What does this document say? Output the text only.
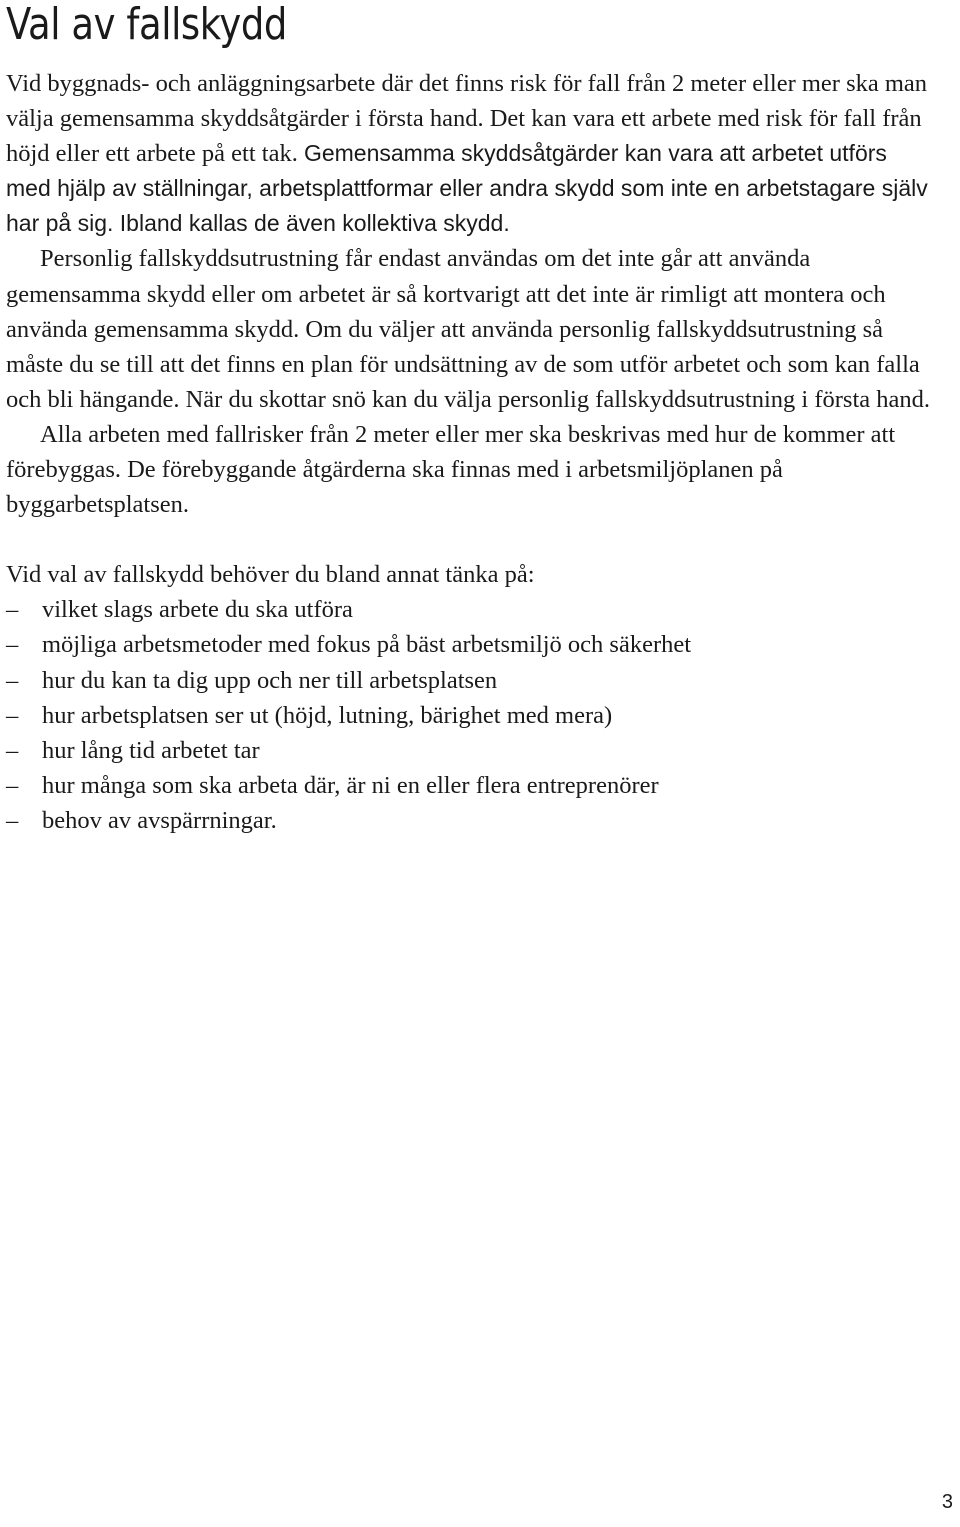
Val av fallskydd

Vid byggnads- och anläggningsarbete där det finns risk för fall från 2 meter eller mer ska man välja gemensamma skyddsåtgärder i första hand. Det kan vara ett arbete med risk för fall från höjd eller ett arbete på ett tak. Gemensamma skyddsåtgärder kan vara att arbetet utförs med hjälp av ställningar, arbetsplattformar eller andra skydd som inte en arbetstagare själv har på sig. Ibland kallas de även kollektiva skydd.

Personlig fallskyddsutrustning får endast användas om det inte går att använda gemensamma skydd eller om arbetet är så kortvarigt att det inte är rimligt att montera och använda gemensamma skydd. Om du väljer att använda personlig fallskyddsutrustning så måste du se till att det finns en plan för undsättning av de som utför arbetet och som kan falla och bli hängande. När du skottar snö kan du välja personlig fallskyddsutrustning i första hand.

Alla arbeten med fallrisker från 2 meter eller mer ska beskrivas med hur de kommer att förebyggas. De förebyggande åtgärderna ska finnas med i arbetsmiljöplanen på byggarbetsplatsen.

Vid val av fallskydd behöver du bland annat tänka på:

– vilket slags arbete du ska utföra
– möjliga arbetsmetoder med fokus på bäst arbetsmiljö och säkerhet
– hur du kan ta dig upp och ner till arbetsplatsen
– hur arbetsplatsen ser ut (höjd, lutning, bärighet med mera)
– hur lång tid arbetet tar
– hur många som ska arbeta där, är ni en eller flera entreprenörer
– behov av avspärrningar.
3
